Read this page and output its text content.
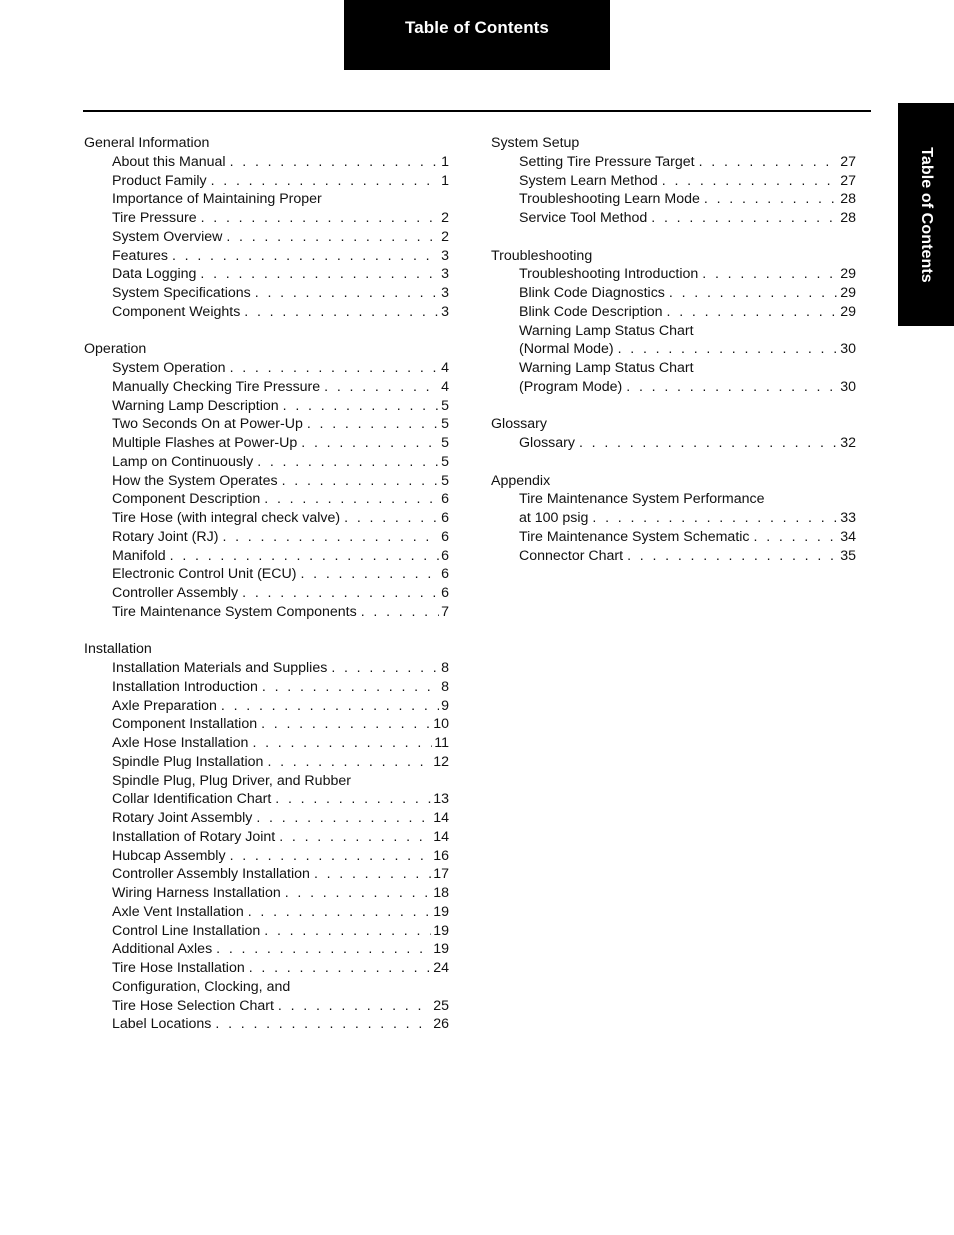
Table of Contents
Table of Contents
General Information
About this Manual . . .	1
Product Family . . .	1
Importance of Maintaining Proper
Tire Pressure . . .	2
System Overview . . .	2
Features . . .	3
Data Logging . . .	3
System Specifications . . .	3
Component Weights . . .	3
Operation
System Operation . . .	4
Manually Checking Tire Pressure . . .	4
Warning Lamp Description . . .	5
Two Seconds On at Power-Up . . .	5
Multiple Flashes at Power-Up . . .	5
Lamp on Continuously . . .	5
How the System Operates . . .	5
Component Description . . .	6
Tire Hose (with integral check valve) . . .	6
Rotary Joint (RJ) . . .	6
Manifold . . .	6
Electronic Control Unit (ECU) . . .	6
Controller Assembly . . .	6
Tire Maintenance System Components . . .	7
Installation
Installation Materials and Supplies . . .	8
Installation Introduction . . .	8
Axle Preparation . . .	9
Component Installation . . .	10
Axle Hose Installation . . .	11
Spindle Plug Installation . . .	12
Spindle Plug, Plug Driver, and Rubber
Collar Identification Chart . . .	13
Rotary Joint Assembly . . .	14
Installation of Rotary Joint . . .	14
Hubcap Assembly . . .	16
Controller Assembly Installation . . .	17
Wiring Harness Installation . . .	18
Axle Vent Installation . . .	19
Control Line Installation . . .	19
Additional Axles . . .	19
Tire Hose Installation . . .	24
Configuration, Clocking, and
Tire Hose Selection Chart . . .	25
Label Locations . . .	26
System Setup
Setting Tire Pressure Target . . .	27
System Learn Method . . .	27
Troubleshooting Learn Mode . . .	28
Service Tool Method . . .	28
Troubleshooting
Troubleshooting Introduction . . .	29
Blink Code Diagnostics . . .	29
Blink Code Description . . .	29
Warning Lamp Status Chart
(Normal Mode) . . .	30
Warning Lamp Status Chart
(Program Mode) . . .	30
Glossary
Glossary . . .	32
Appendix
Tire Maintenance System Performance
at 100 psig . . .	33
Tire Maintenance System Schematic . . .	34
Connector Chart . . .	35
